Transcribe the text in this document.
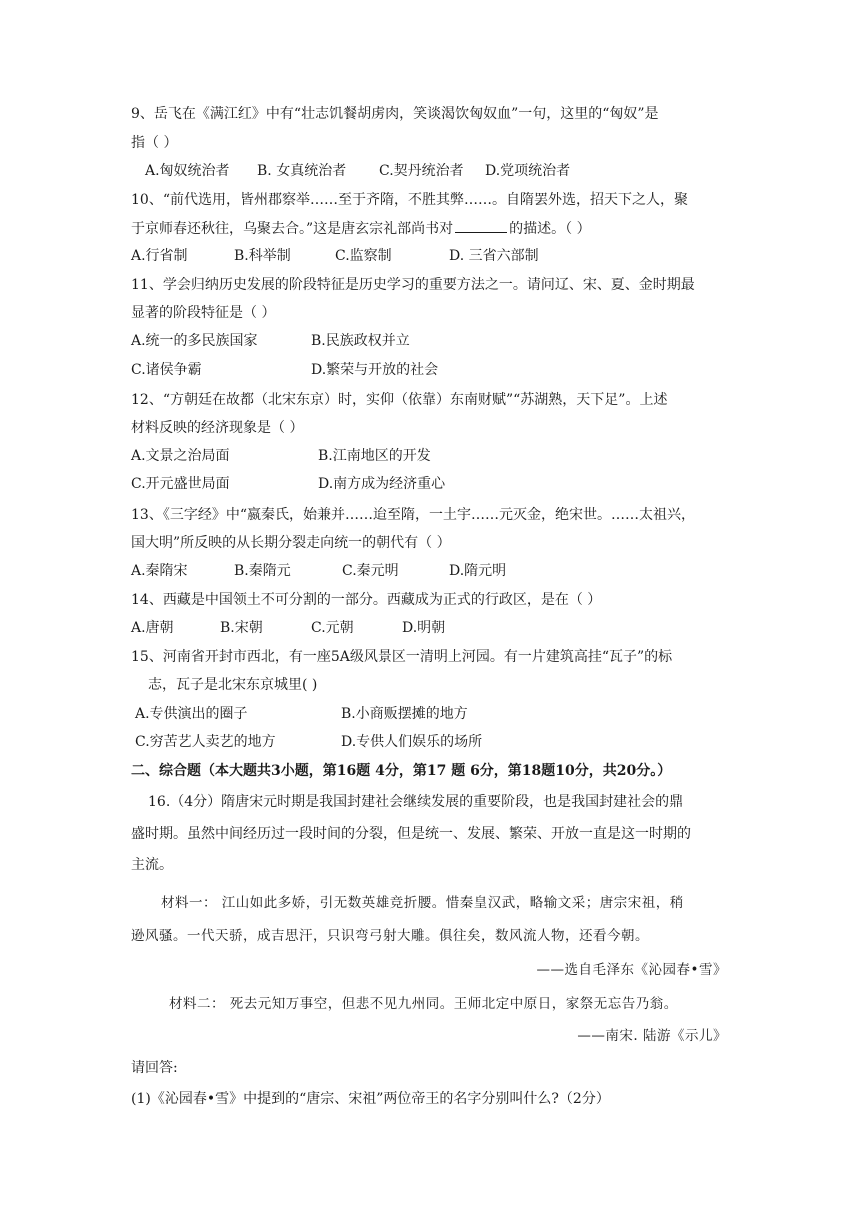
9、岳飞在《满江红》中有“壮志饥餐胡虏肉，笑谈渴饮匈奴血”一句，这里的“匈奴”是
指（ ）
A.匈奴统治者 B. 女真统治者 C.契丹统治者 D.党项统治者
10、“前代选用，皆州郡察举……至于齐隋，不胜其弊……。自隋罢外选，招天下之人，聚
于京师春还秋往，乌聚去合。”这是唐玄宗礼部尚书对	的描述。（ ）
A.行省制	B.科举制	C.监察制	D. 三省六部制
11、学会归纳历史发展的阶段特征是历史学习的重要方法之一。请问辽、宋、夏、金时期最
显著的阶段特征是（ ）
A.统一的多民族国家	B.民族政权并立
C.诸侯争霸	D.繁荣与开放的社会
12、“方朝廷在故都（北宋东京）时，实仰（依靠）东南财赋”“苏湖熟，天下足”。上述
材料反映的经济现象是（ ）
A.文景之治局面	B.江南地区的开发
C.开元盛世局面	D.南方成为经济重心
13、《三字经》中“嬴秦氏，始兼并……迨至隋，一土宇……元灭金，绝宋世。……太祖兴，
国大明”所反映的从长期分裂走向统一的朝代有（ ）
A.秦隋宋	B.秦隋元	C.秦元明	D.隋元明
14、西藏是中国领土不可分割的一部分。西藏成为正式的行政区，是在（ ）
A.唐朝	B.宋朝	C.元朝	D.明朝
15、河南省开封市西北，有一座5A级风景区一清明上河园。有一片建筑高挂“瓦子”的标
志，瓦子是北宋东京城里( )
A.专供演出的圈子	B.小商贩摆摊的地方
C.穷苦艺人卖艺的地方	D.专供人们娱乐的场所
二、综合题（本大题共3小题，第16题 4分，第17 题 6分，第18题10分，共20分。）
16.（4分）隋唐宋元时期是我国封建社会继续发展的重要阶段，也是我国封建社会的鼎
盛时期。虽然中间经历过一段时间的分裂，但是统一、发展、繁荣、开放一直是这一时期的
主流。
材料一： 江山如此多娇，引无数英雄竞折腰。惜秦皇汉武，略输文采；唐宗宋祖，稍
逊风骚。一代天骄，成吉思汗，只识弯弓射大雕。俱往矣，数风流人物，还看今朝。
——选自毛泽东《沁园春•雪》
材料二： 死去元知万事空，但悲不见九州同。王师北定中原日，家祭无忘告乃翁。
——南宋. 陆游《示儿》
请回答:
(1)《沁园春•雪》中提到的“唐宗、宋祖”两位帝王的名字分别叫什么?（2分）
